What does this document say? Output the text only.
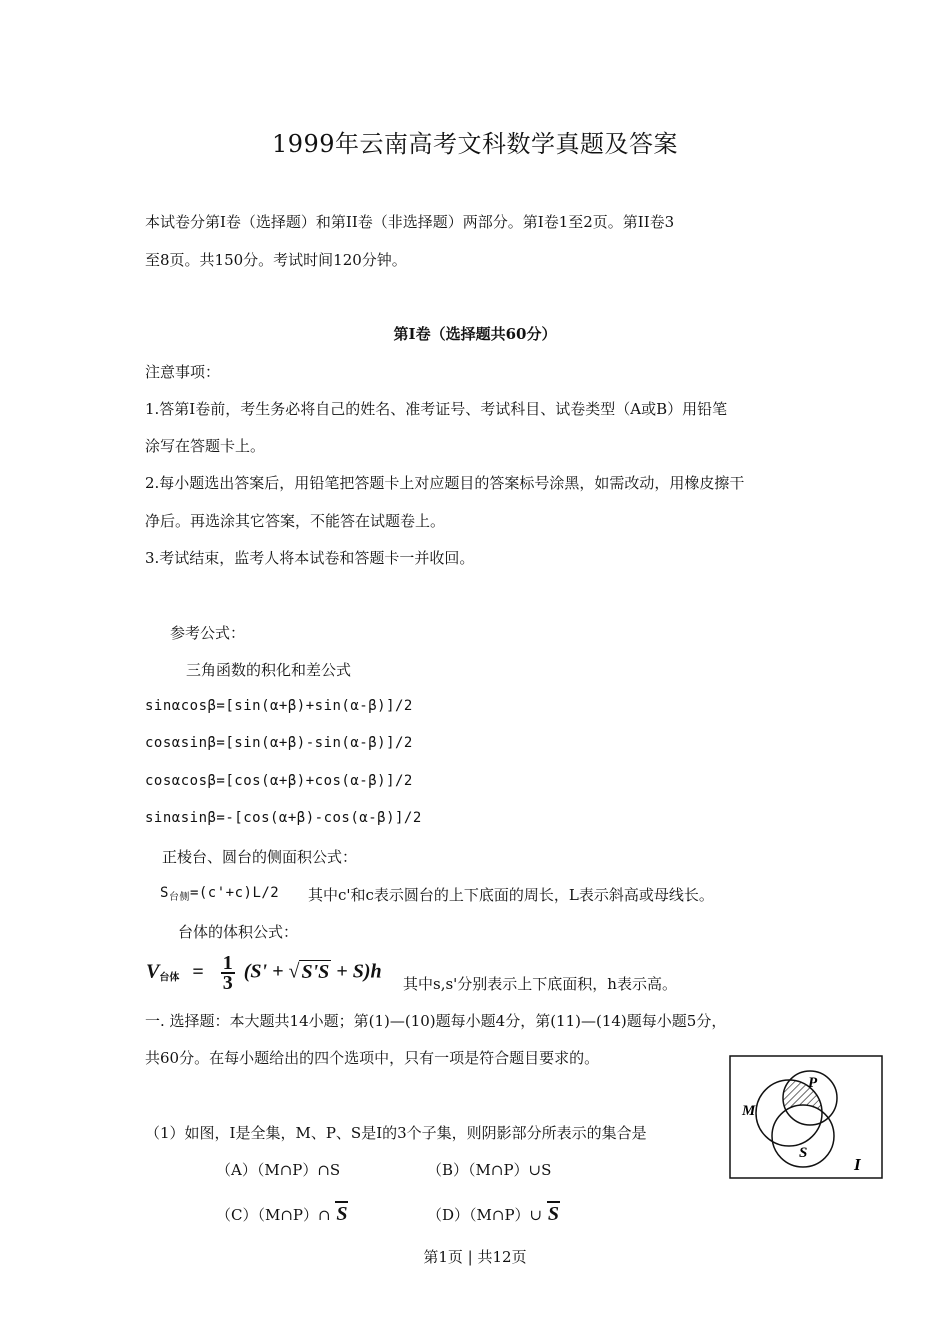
1999年云南高考文科数学真题及答案
本试卷分第Ⅰ卷（选择题）和第II卷（非选择题）两部分。第Ⅰ卷1至2页。第II卷3
至8页。共150分。考试时间120分钟。
第Ⅰ卷（选择题共60分）
注意事项：
1.答第Ⅰ卷前，考生务必将自己的姓名、准考证号、考试科目、试卷类型（A或B）用铅笔
涂写在答题卡上。
2.每小题选出答案后，用铅笔把答题卡上对应题目的答案标号涂黑，如需改动，用橡皮擦干
净后。再选涂其它答案，不能答在试题卷上。
3.考试结束，监考人将本试卷和答题卡一并收回。
参考公式：
三角函数的积化和差公式
sinαcosβ=[sin(α+β)+sin(α-β)]/2
cosαsinβ=[sin(α+β)-sin(α-β)]/2
cosαcosβ=[cos(α+β)+cos(α-β)]/2
sinαsinβ=-[cos(α+β)-cos(α-β)]/2
正棱台、圆台的侧面积公式：
$S_{台侧}=(c'+c)L/2$ 其中c'和c表示圆台的上下底面的周长，L表示斜高或母线长。
台体的体积公式：
$V_{台体} = \frac{1}{3} (S'$ + √ S'S + S)h
其中s,s'分别表示上下底面积，h表示高。
一. 选择题：本大题共14小题；第(1)—(10)题每小题4分，第(11)—(14)题每小题5分，
共60分。在每小题给出的四个选项中，只有一项是符合题目要求的。
（1）如图，I是全集，M、P、S是I的3个子集，则阴影部分所表示的集合是
（A）（M∩P）∩S	（B）（M∩P）∪S
（C）（M∩P）∩ S	（D）（M∩P）∪ S
M
P
S
I
第1页 | 共12页
